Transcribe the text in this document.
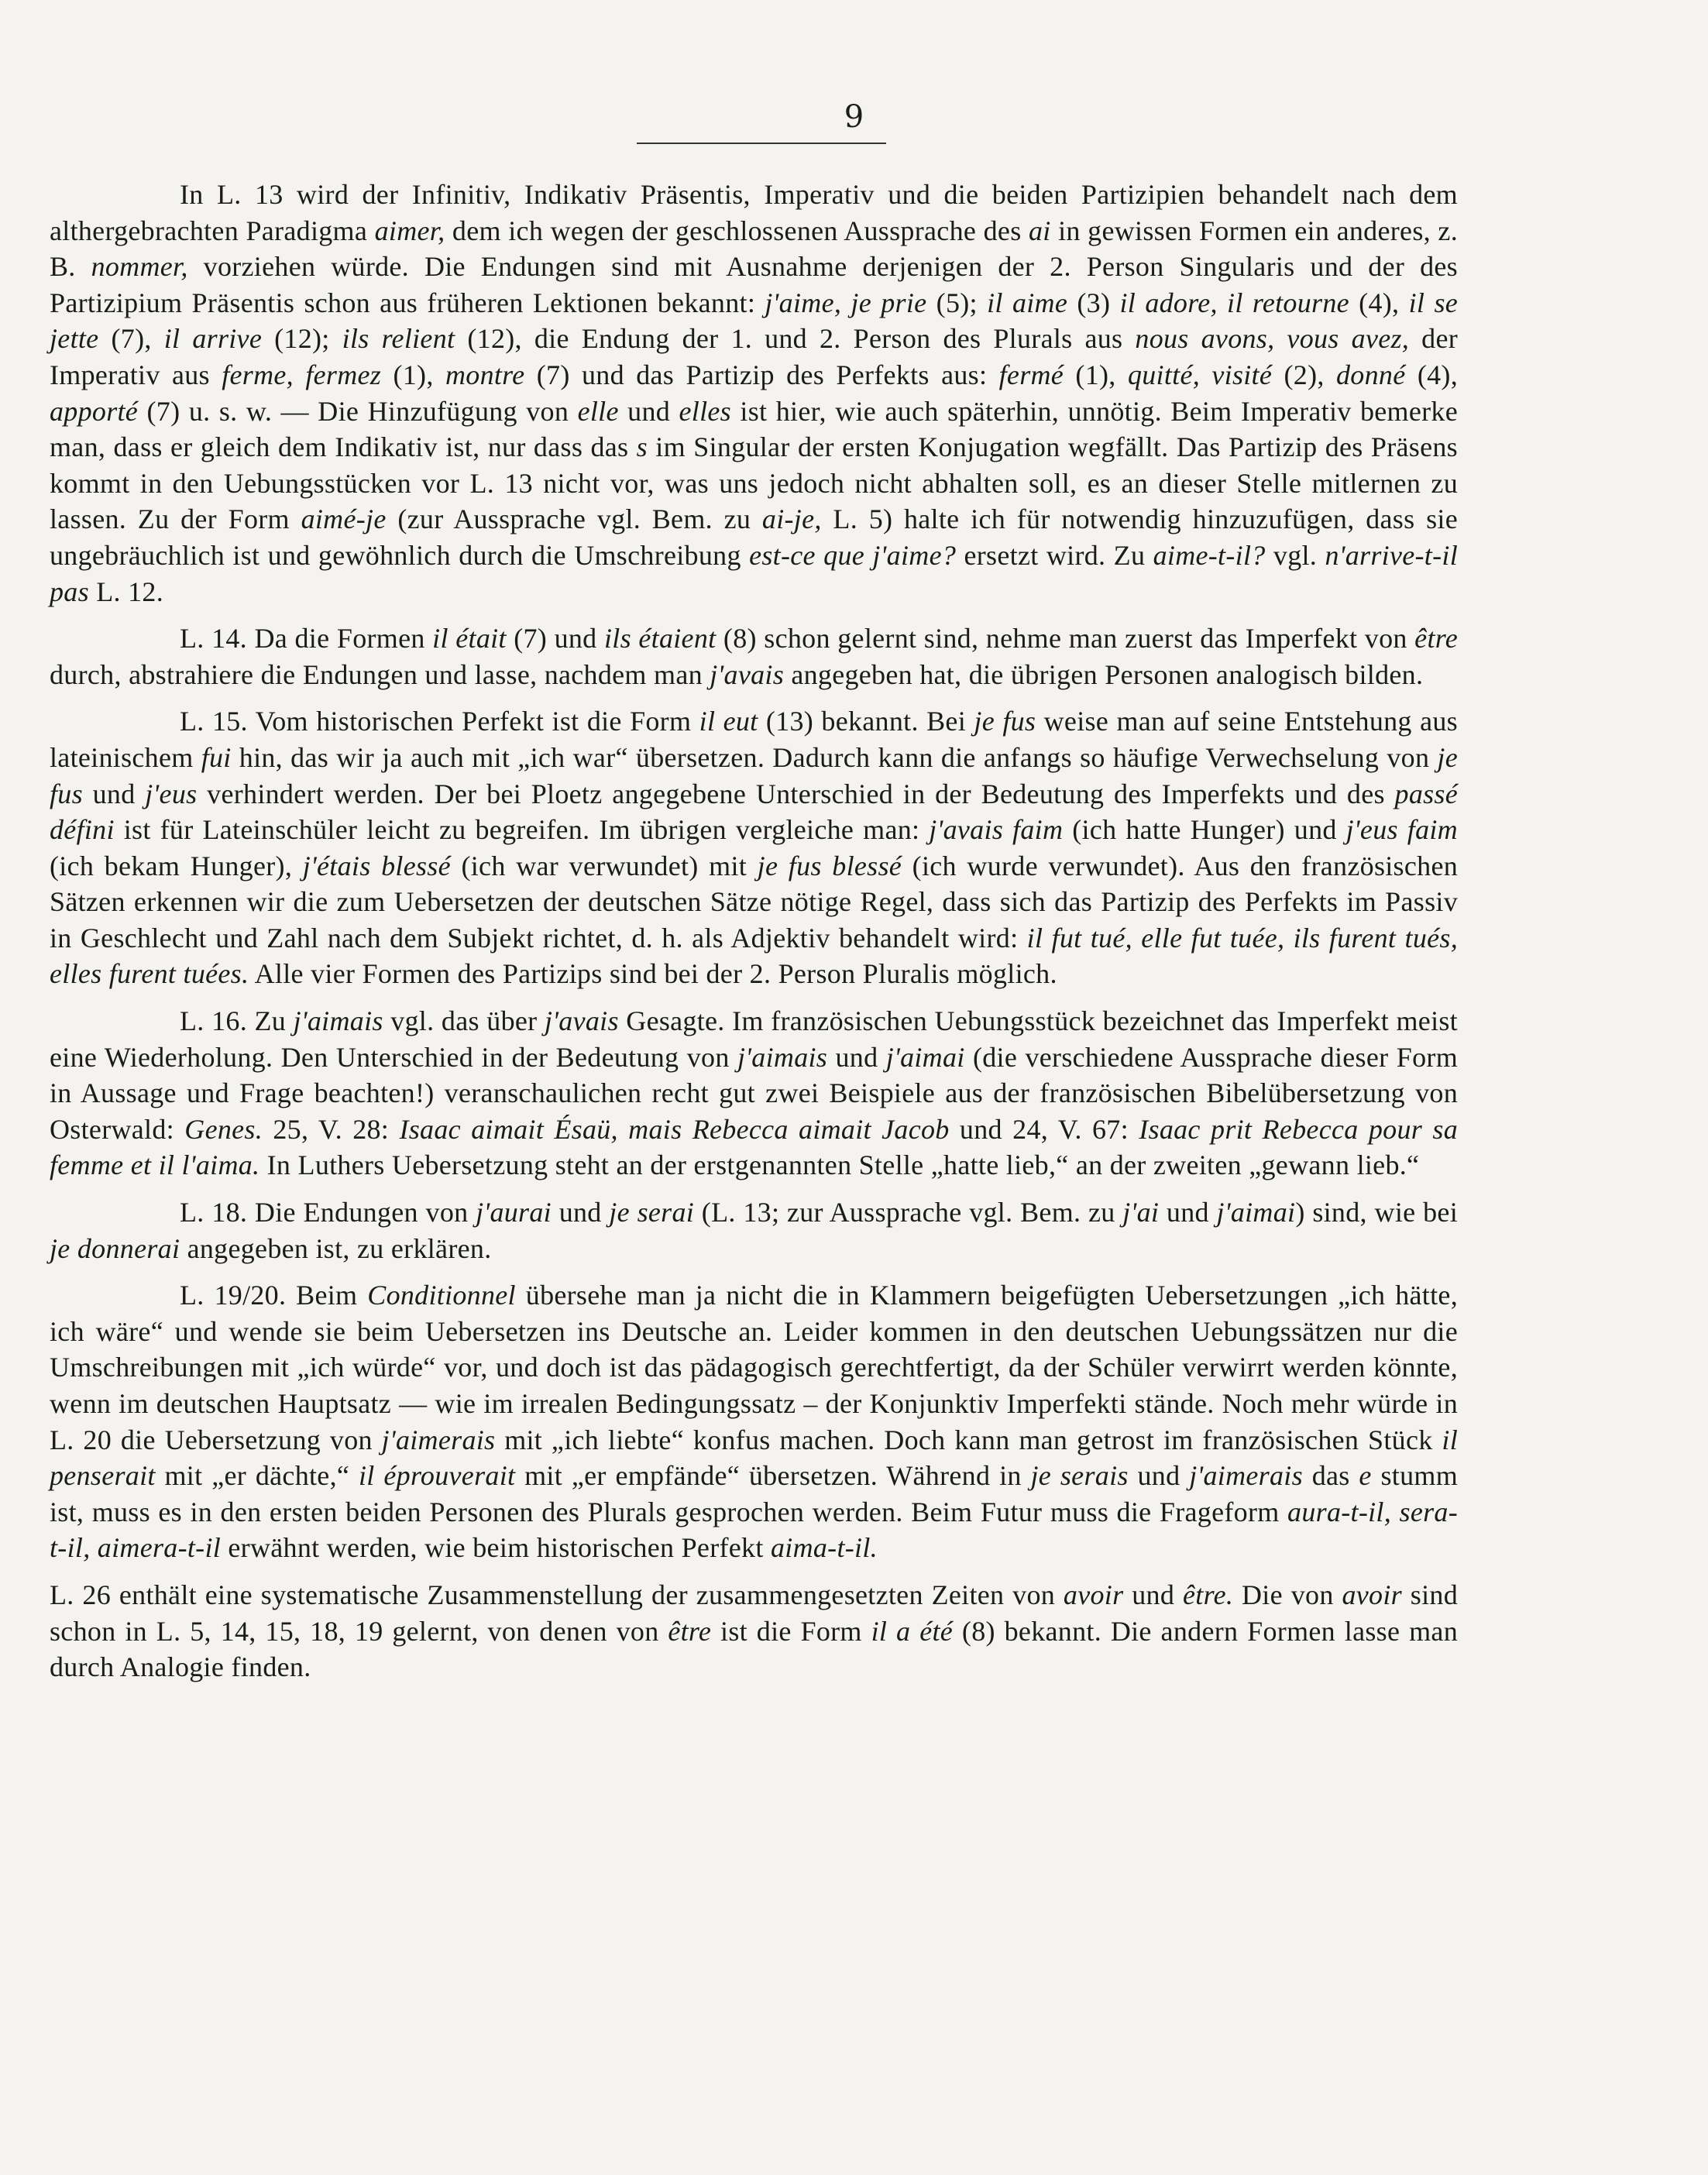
9

In L. 13 wird der Infinitiv, Indikativ Präsentis, Imperativ und die beiden Partizipien behandelt nach dem althergebrachten Paradigma aimer, dem ich wegen der geschlossenen Aussprache des ai in gewissen Formen ein anderes, z. B. nommer, vorziehen würde. Die Endungen sind mit Ausnahme derjenigen der 2. Person Singularis und der des Partizipium Präsentis schon aus früheren Lektionen bekannt: j'aime, je prie (5); il aime (3) il adore, il retourne (4), il se jette (7), il arrive (12); ils relient (12), die Endung der 1. und 2. Person des Plurals aus nous avons, vous avez, der Imperativ aus ferme, fermez (1), montre (7) und das Partizip des Perfekts aus: fermé (1), quitté, visité (2), donné (4), apporté (7) u. s. w. — Die Hinzufügung von elle und elles ist hier, wie auch späterhin, unnötig. Beim Imperativ bemerke man, dass er gleich dem Indikativ ist, nur dass das s im Singular der ersten Konjugation wegfällt. Das Partizip des Präsens kommt in den Uebungsstücken vor L. 13 nicht vor, was uns jedoch nicht abhalten soll, es an dieser Stelle mitlernen zu lassen. Zu der Form aimé-je (zur Aussprache vgl. Bem. zu ai-je, L. 5) halte ich für notwendig hinzuzufügen, dass sie ungebräuchlich ist und gewöhnlich durch die Umschreibung est-ce que j'aime? ersetzt wird. Zu aime-t-il? vgl. n'arrive-t-il pas L. 12.

L. 14. Da die Formen il était (7) und ils étaient (8) schon gelernt sind, nehme man zuerst das Imperfekt von être durch, abstrahiere die Endungen und lasse, nachdem man j'avais angegeben hat, die übrigen Personen analogisch bilden.

L. 15. Vom historischen Perfekt ist die Form il eut (13) bekannt. Bei je fus weise man auf seine Entstehung aus lateinischem fui hin, das wir ja auch mit „ich war“ übersetzen. Dadurch kann die anfangs so häufige Verwechselung von je fus und j'eus verhindert werden. Der bei Ploetz angegebene Unterschied in der Bedeutung des Imperfekts und des passé défini ist für Lateinschüler leicht zu begreifen. Im übrigen vergleiche man: j'avais faim (ich hatte Hunger) und j'eus faim (ich bekam Hunger), j'étais blessé (ich war verwundet) mit je fus blessé (ich wurde verwundet). Aus den französischen Sätzen erkennen wir die zum Uebersetzen der deutschen Sätze nötige Regel, dass sich das Partizip des Perfekts im Passiv in Geschlecht und Zahl nach dem Subjekt richtet, d. h. als Adjektiv behandelt wird: il fut tué, elle fut tuée, ils furent tués, elles furent tuées. Alle vier Formen des Partizips sind bei der 2. Person Pluralis möglich.

L. 16. Zu j'aimais vgl. das über j'avais Gesagte. Im französischen Uebungsstück bezeichnet das Imperfekt meist eine Wiederholung. Den Unterschied in der Bedeutung von j'aimais und j'aimai (die verschiedene Aussprache dieser Form in Aussage und Frage beachten!) veranschaulichen recht gut zwei Beispiele aus der französischen Bibelübersetzung von Osterwald: Genes. 25, V. 28: Isaac aimait Ésaü, mais Rebecca aimait Jacob und 24, V. 67: Isaac prit Rebecca pour sa femme et il l'aima. In Luthers Uebersetzung steht an der erstgenannten Stelle „hatte lieb,“ an der zweiten „gewann lieb.“

L. 18. Die Endungen von j'aurai und je serai (L. 13; zur Aussprache vgl. Bem. zu j'ai und j'aimai) sind, wie bei je donnerai angegeben ist, zu erklären.

L. 19/20. Beim Conditionnel übersehe man ja nicht die in Klammern beigefügten Uebersetzungen „ich hätte, ich wäre“ und wende sie beim Uebersetzen ins Deutsche an. Leider kommen in den deutschen Uebungssätzen nur die Umschreibungen mit „ich würde“ vor, und doch ist das pädagogisch gerechtfertigt, da der Schüler verwirrt werden könnte, wenn im deutschen Hauptsatz — wie im irrealen Bedingungssatz – der Konjunktiv Imperfekti stände. Noch mehr würde in L. 20 die Uebersetzung von j'aimerais mit „ich liebte“ konfus machen. Doch kann man getrost im französischen Stück il penserait mit „er dächte,“ il éprouverait mit „er empfände“ übersetzen. Während in je serais und j'aimerais das e stumm ist, muss es in den ersten beiden Personen des Plurals gesprochen werden. Beim Futur muss die Frageform aura-t-il, sera-t-il, aimera-t-il erwähnt werden, wie beim historischen Perfekt aima-t-il.

L. 26 enthält eine systematische Zusammenstellung der zusammengesetzten Zeiten von avoir und être. Die von avoir sind schon in L. 5, 14, 15, 18, 19 gelernt, von denen von être ist die Form il a été (8) bekannt. Die andern Formen lasse man durch Analogie finden.
